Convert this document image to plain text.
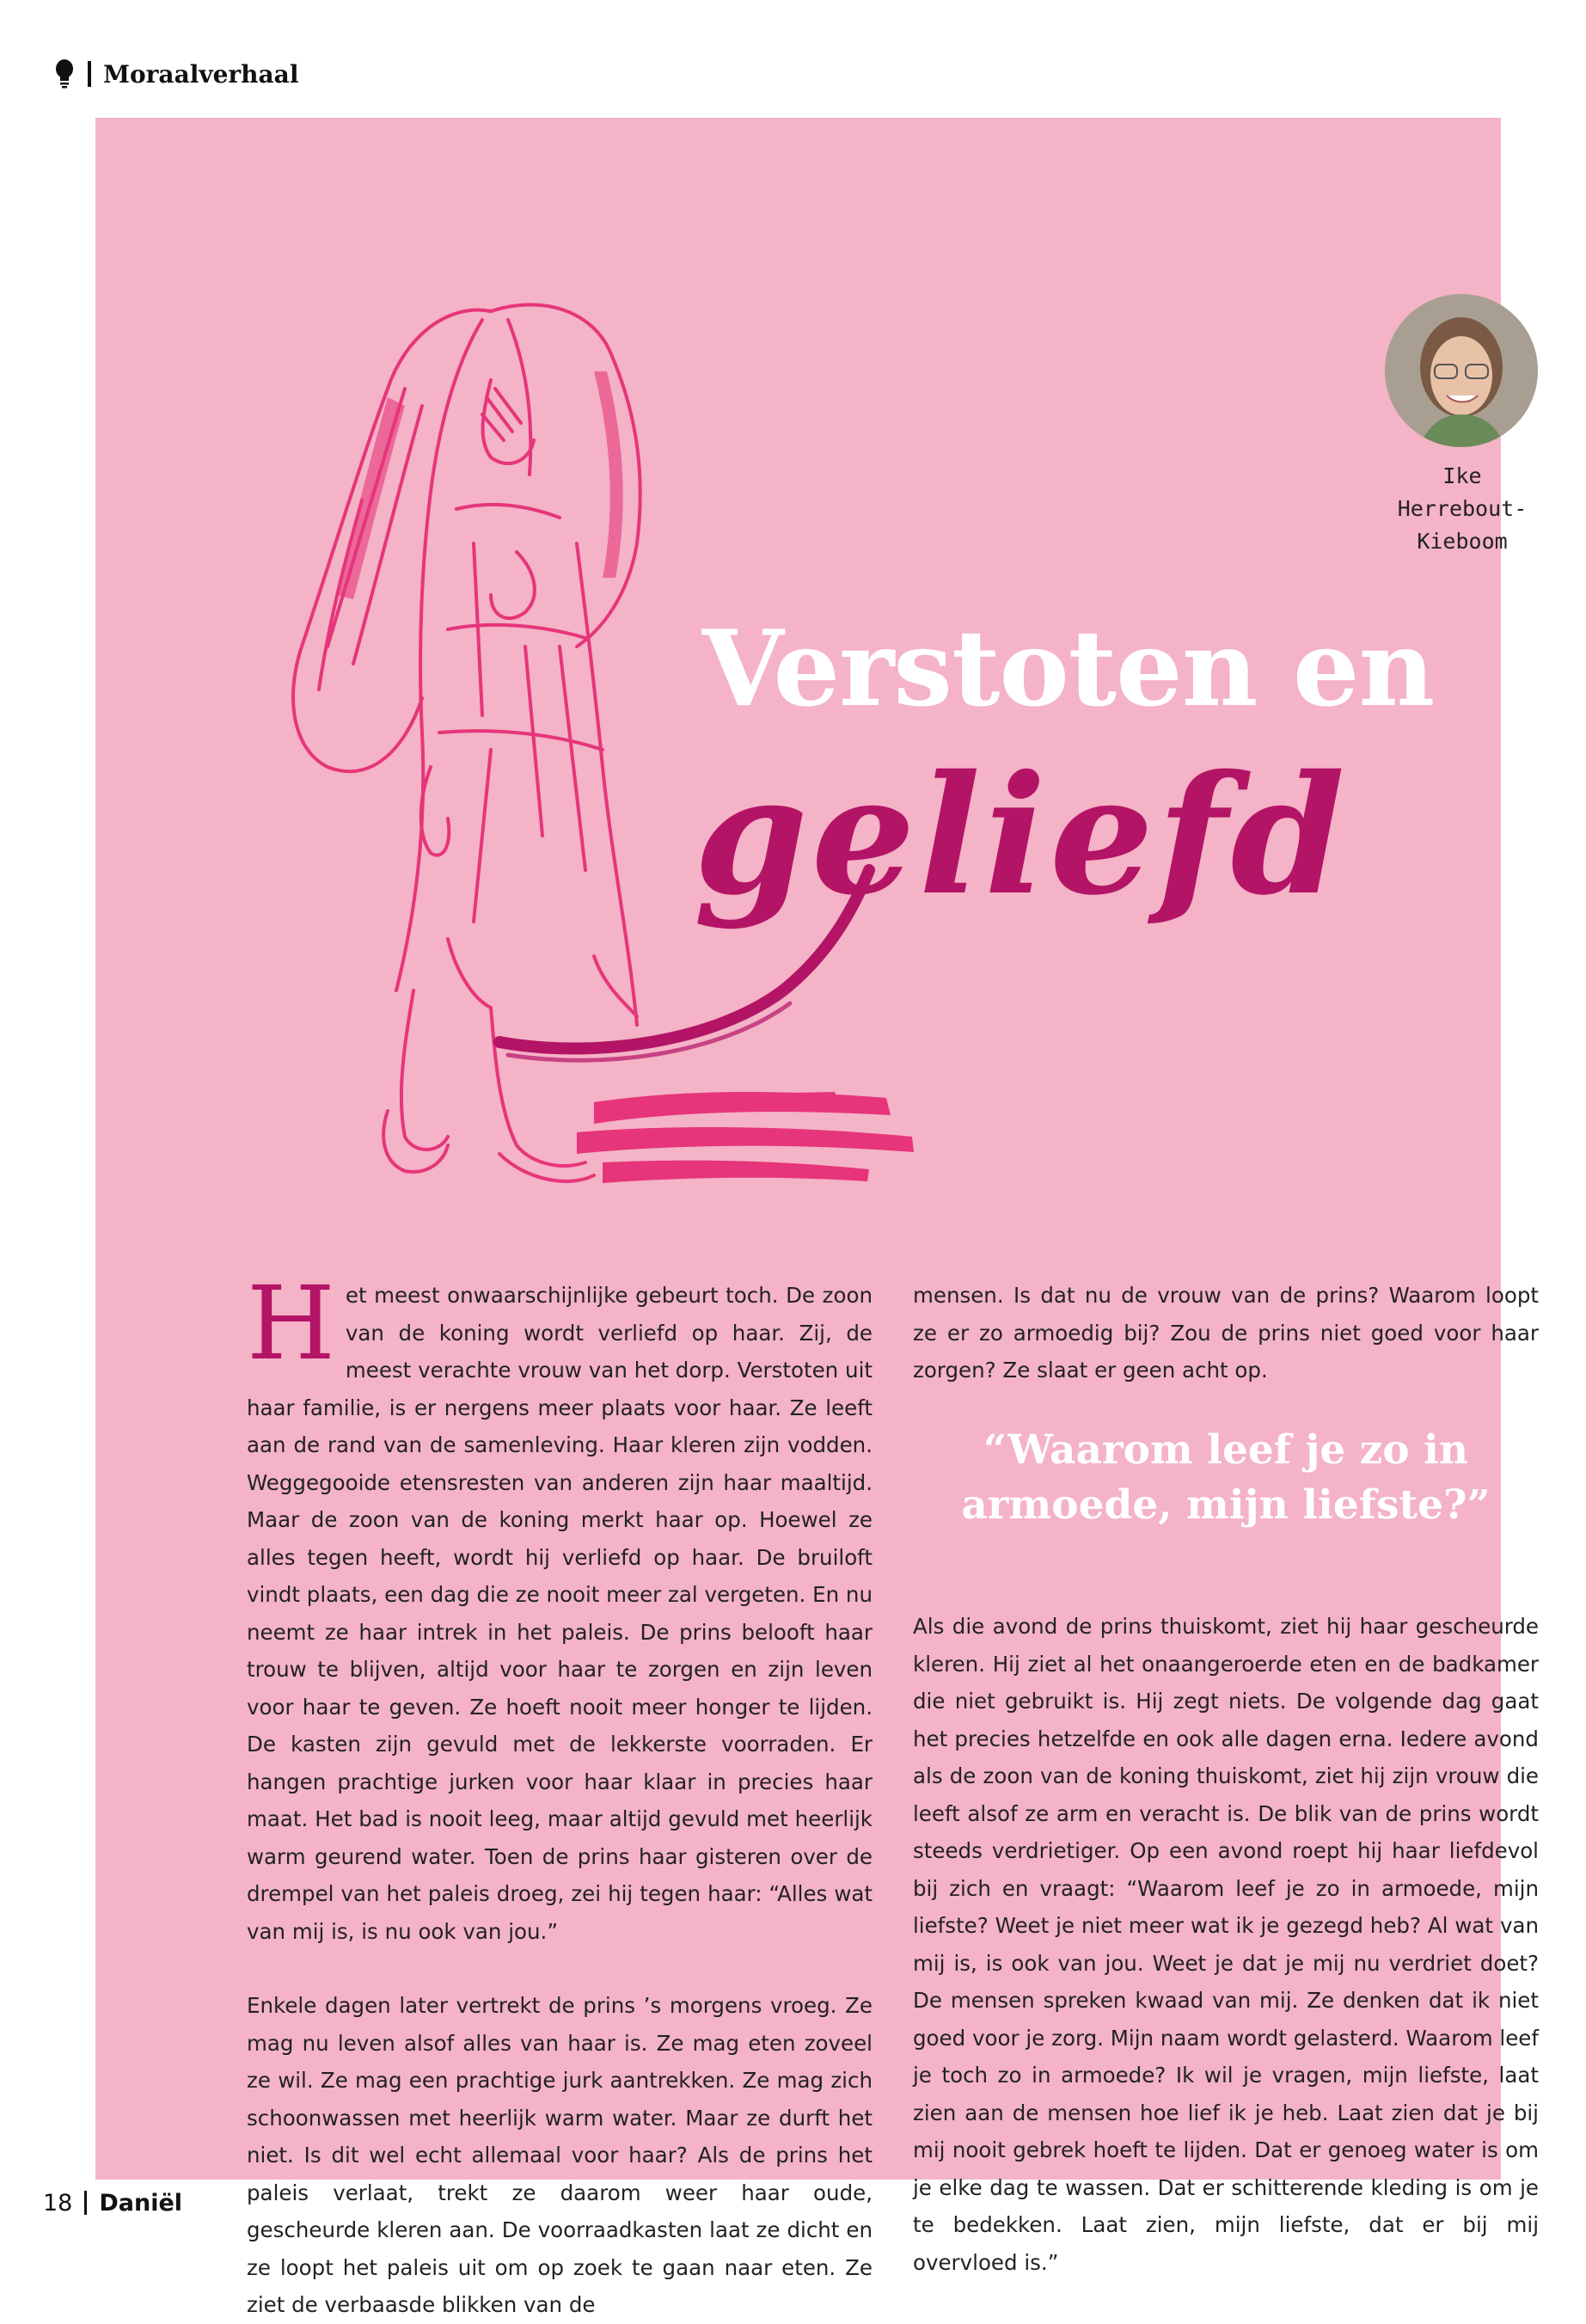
Moraalverhaal
Ike
Herrebout-
Kieboom
Verstoten en
geliefd

Het meest onwaarschijnlijke gebeurt toch. De zoon van de koning wordt verliefd op haar. Zij, de meest verachte vrouw van het dorp. Verstoten uit haar familie, is er nergens meer plaats voor haar. Ze leeft aan de rand van de samenleving. Haar kleren zijn vodden. Weggegooide etensresten van anderen zijn haar maaltijd. Maar de zoon van de koning merkt haar op. Hoewel ze alles tegen heeft, wordt hij verliefd op haar. De bruiloft vindt plaats, een dag die ze nooit meer zal vergeten. En nu neemt ze haar intrek in het paleis. De prins belooft haar trouw te blijven, altijd voor haar te zorgen en zijn leven voor haar te geven. Ze hoeft nooit meer honger te lijden. De kasten zijn gevuld met de lekkerste voorraden. Er hangen prachtige jurken voor haar klaar in precies haar maat. Het bad is nooit leeg, maar altijd gevuld met heerlijk warm geurend water. Toen de prins haar gisteren over de drempel van het paleis droeg, zei hij tegen haar: “Alles wat van mij is, is nu ook van jou.”

Enkele dagen later vertrekt de prins ’s morgens vroeg. Ze mag nu leven alsof alles van haar is. Ze mag eten zoveel ze wil. Ze mag een prachtige jurk aantrekken. Ze mag zich schoonwassen met heerlijk warm water. Maar ze durft het niet. Is dit wel echt allemaal voor haar? Als de prins het paleis verlaat, trekt ze daarom weer haar oude, gescheurde kleren aan. De voorraadkasten laat ze dicht en ze loopt het paleis uit om op zoek te gaan naar eten. Ze ziet de verbaasde blikken van de

mensen. Is dat nu de vrouw van de prins? Waarom loopt ze er zo armoedig bij? Zou de prins niet goed voor haar zorgen? Ze slaat er geen acht op.

“Waarom leef je zo in armoede, mijn liefste?”

Als die avond de prins thuiskomt, ziet hij haar gescheurde kleren. Hij ziet al het onaangeroerde eten en de badkamer die niet gebruikt is. Hij zegt niets. De volgende dag gaat het precies hetzelfde en ook alle dagen erna. Iedere avond als de zoon van de koning thuiskomt, ziet hij zijn vrouw die leeft alsof ze arm en veracht is. De blik van de prins wordt steeds verdrietiger. Op een avond roept hij haar liefdevol bij zich en vraagt: “Waarom leef je zo in armoede, mijn liefste? Weet je niet meer wat ik je gezegd heb? Al wat van mij is, is ook van jou. Weet je dat je mij nu verdriet doet? De mensen spreken kwaad van mij. Ze denken dat ik niet goed voor je zorg. Mijn naam wordt gelasterd. Waarom leef je toch zo in armoede? Ik wil je vragen, mijn liefste, laat zien aan de mensen hoe lief ik je heb. Laat zien dat je bij mij nooit gebrek hoeft te lijden. Dat er genoeg water is om je elke dag te wassen. Dat er schitterende kleding is om je te bedekken. Laat zien, mijn liefste, dat er bij mij overvloed is.”

18 Daniël
